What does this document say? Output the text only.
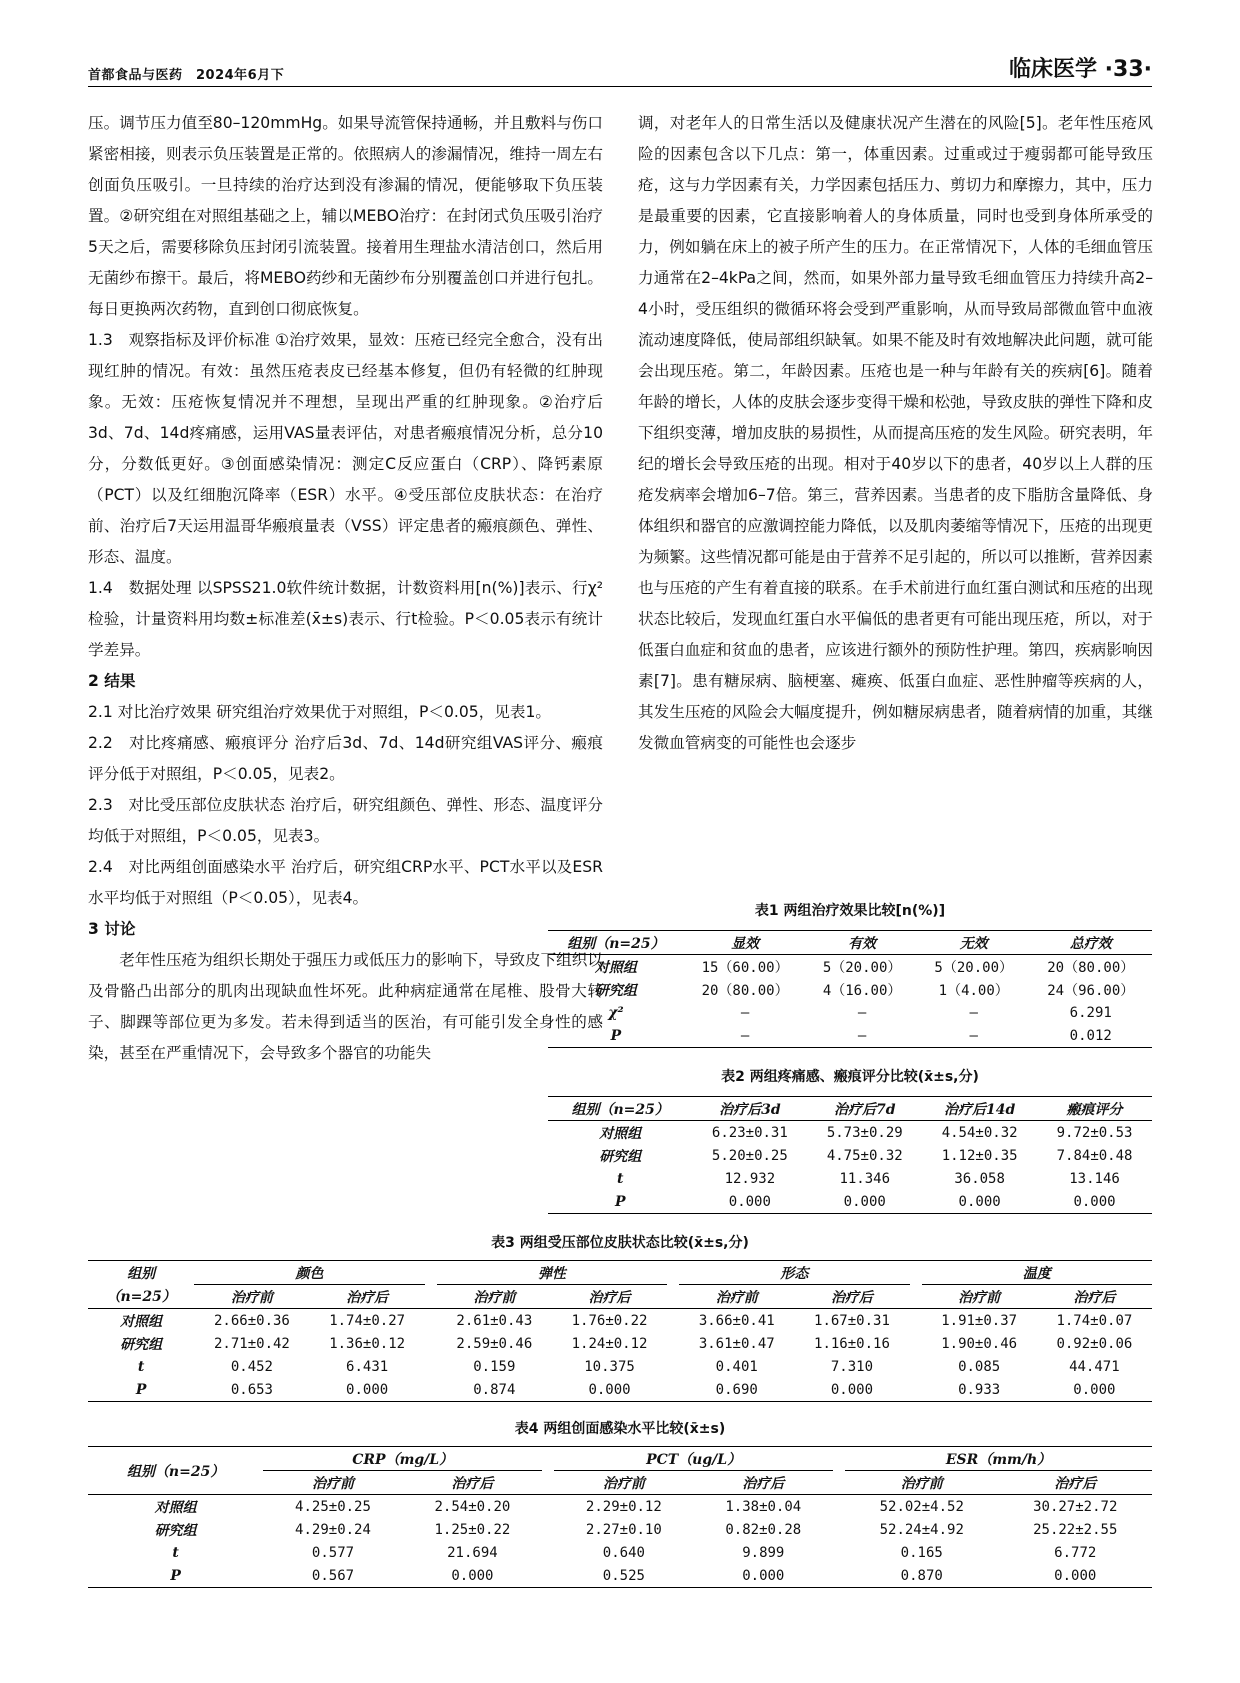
首都食品与医药　2024年6月下	临床医学 ·33·

压。调节压力值至80–120mmHg。如果导流管保持通畅，并且敷料与伤口紧密相接，则表示负压装置是正常的。依照病人的渗漏情况，维持一周左右创面负压吸引。一旦持续的治疗达到没有渗漏的情况，便能够取下负压装置。②研究组在对照组基础之上，辅以MEBO治疗：在封闭式负压吸引治疗5天之后，需要移除负压封闭引流装置。接着用生理盐水清洁创口，然后用无菌纱布擦干。最后，将MEBO药纱和无菌纱布分别覆盖创口并进行包扎。每日更换两次药物，直到创口彻底恢复。

1.3　观察指标及评价标准 ①治疗效果，显效：压疮已经完全愈合，没有出现红肿的情况。有效：虽然压疮表皮已经基本修复，但仍有轻微的红肿现象。无效：压疮恢复情况并不理想，呈现出严重的红肿现象。②治疗后3d、7d、14d疼痛感，运用VAS量表评估，对患者瘢痕情况分析，总分10分，分数低更好。③创面感染情况：测定C反应蛋白（CRP）、降钙素原（PCT）以及红细胞沉降率（ESR）水平。④受压部位皮肤状态：在治疗前、治疗后7天运用温哥华瘢痕量表（VSS）评定患者的瘢痕颜色、弹性、形态、温度。

1.4　数据处理 以SPSS21.0软件统计数据，计数资料用[n(%)]表示、行χ²检验，计量资料用均数±标准差(x̄±s)表示、行t检验。P＜0.05表示有统计学差异。

2 结果

2.1 对比治疗效果 研究组治疗效果优于对照组，P＜0.05，见表1。

2.2　对比疼痛感、瘢痕评分 治疗后3d、7d、14d研究组VAS评分、瘢痕评分低于对照组，P＜0.05，见表2。

2.3　对比受压部位皮肤状态 治疗后，研究组颜色、弹性、形态、温度评分均低于对照组，P＜0.05，见表3。

2.4　对比两组创面感染水平 治疗后，研究组CRP水平、PCT水平以及ESR水平均低于对照组（P＜0.05），见表4。

3 讨论

老年性压疮为组织长期处于强压力或低压力的影响下，导致皮下组织以及骨骼凸出部分的肌肉出现缺血性坏死。此种病症通常在尾椎、股骨大转子、脚踝等部位更为多发。若未得到适当的医治，有可能引发全身性的感染，甚至在严重情况下，会导致多个器官的功能失

调，对老年人的日常生活以及健康状况产生潜在的风险[5]。老年性压疮风险的因素包含以下几点：第一，体重因素。过重或过于瘦弱都可能导致压疮，这与力学因素有关，力学因素包括压力、剪切力和摩擦力，其中，压力是最重要的因素，它直接影响着人的身体质量，同时也受到身体所承受的力，例如躺在床上的被子所产生的压力。在正常情况下，人体的毛细血管压力通常在2–4kPa之间，然而，如果外部力量导致毛细血管压力持续升高2–4小时，受压组织的微循环将会受到严重影响，从而导致局部微血管中血液流动速度降低，使局部组织缺氧。如果不能及时有效地解决此问题，就可能会出现压疮。第二，年龄因素。压疮也是一种与年龄有关的疾病[6]。随着年龄的增长，人体的皮肤会逐步变得干燥和松弛，导致皮肤的弹性下降和皮下组织变薄，增加皮肤的易损性，从而提高压疮的发生风险。研究表明，年纪的增长会导致压疮的出现。相对于40岁以下的患者，40岁以上人群的压疮发病率会增加6–7倍。第三，营养因素。当患者的皮下脂肪含量降低、身体组织和器官的应激调控能力降低，以及肌肉萎缩等情况下，压疮的出现更为频繁。这些情况都可能是由于营养不足引起的，所以可以推断，营养因素也与压疮的产生有着直接的联系。在手术前进行血红蛋白测试和压疮的出现状态比较后，发现血红蛋白水平偏低的患者更有可能出现压疮，所以，对于低蛋白血症和贫血的患者，应该进行额外的预防性护理。第四，疾病影响因素[7]。患有糖尿病、脑梗塞、瘫痪、低蛋白血症、恶性肿瘤等疾病的人，其发生压疮的风险会大幅度提升，例如糖尿病患者，随着病情的加重，其继发微血管病变的可能性也会逐步

表1 两组治疗效果比较[n(%)]
组别（n=25）	显效	有效	无效	总疗效
对照组	15（60.00）	5（20.00）	5（20.00）	20（80.00）
研究组	20（80.00）	4（16.00）	1（4.00）	24（96.00）
χ²	–	–	–	6.291
P	–	–	–	0.012
表2 两组疼痛感、瘢痕评分比较(x̄±s,分)
组别（n=25）	治疗后3d	治疗后7d	治疗后14d	瘢痕评分
对照组	6.23±0.31	5.73±0.29	4.54±0.32	9.72±0.53
研究组	5.20±0.25	4.75±0.32	1.12±0.35	7.84±0.48
t	12.932	11.346	36.058	13.146
P	0.000	0.000	0.000	0.000
表3 两组受压部位皮肤状态比较(x̄±s,分)
组别	颜色			弹性			形态			温度	
（n=25）	治疗前	治疗后		治疗前	治疗后		治疗前	治疗后		治疗前	治疗后
对照组	2.66±0.36	1.74±0.27		2.61±0.43	1.76±0.22		3.66±0.41	1.67±0.31		1.91±0.37	1.74±0.07
研究组	2.71±0.42	1.36±0.12		2.59±0.46	1.24±0.12		3.61±0.47	1.16±0.16		1.90±0.46	0.92±0.06
t	0.452	6.431		0.159	10.375		0.401	7.310		0.085	44.471
P	0.653	0.000		0.874	0.000		0.690	0.000		0.933	0.000
表4 两组创面感染水平比较(x̄±s)
组别（n=25）	CRP（mg/L）			PCT（ug/L）			ESR（mm/h）	
	治疗前	治疗后		治疗前	治疗后		治疗前	治疗后
对照组	4.25±0.25	2.54±0.20		2.29±0.12	1.38±0.04		52.02±4.52	30.27±2.72
研究组	4.29±0.24	1.25±0.22		2.27±0.10	0.82±0.28		52.24±4.92	25.22±2.55
t	0.577	21.694		0.640	9.899		0.165	6.772
P	0.567	0.000		0.525	0.000		0.870	0.000
